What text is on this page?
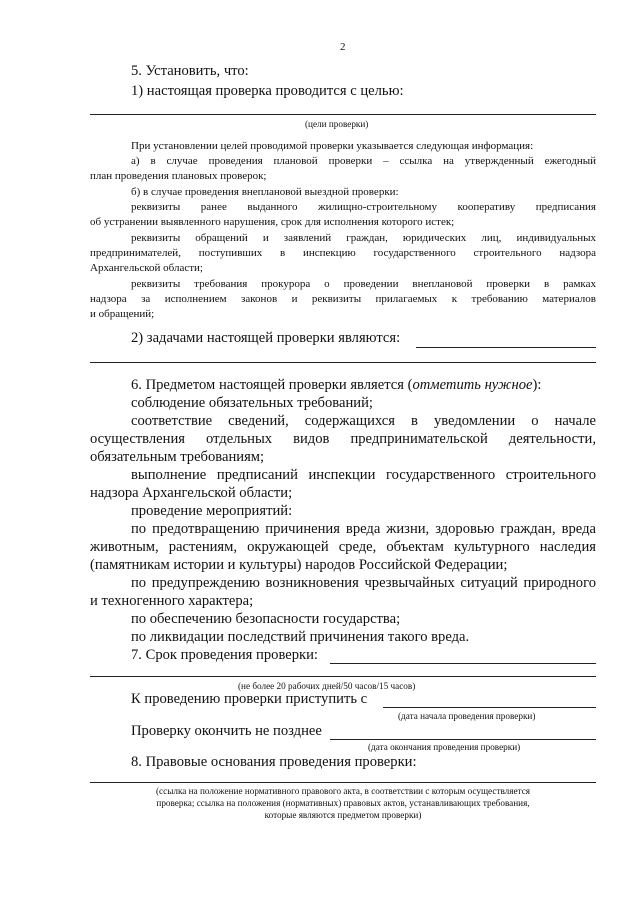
2
5. Установить, что:
1) настоящая проверка проводится с целью:
(цели проверки)
При установлении целей проводимой проверки указывается следующая информация:
а) в случае проведения плановой проверки – ссылка на утвержденный ежегодный
план проведения плановых проверок;
б) в случае проведения внеплановой выездной проверки:
реквизиты ранее выданного жилищно-строительному кооперативу предписания
об устранении выявленного нарушения, срок для исполнения которого истек;
реквизиты обращений и заявлений граждан, юридических лиц, индивидуальных
предпринимателей, поступивших в инспекцию государственного строительного надзора
Архангельской области;
реквизиты требования прокурора о проведении внеплановой проверки в рамках
надзора за исполнением законов и реквизиты прилагаемых к требованию материалов
и обращений;
2) задачами настоящей проверки являются:
6. Предметом настоящей проверки является (отметить нужное):
соблюдение обязательных требований;
соответствие сведений, содержащихся в уведомлении о начале
осуществления отдельных видов предпринимательской деятельности,
обязательным требованиям;
выполнение предписаний инспекции государственного строительного
надзора Архангельской области;
проведение мероприятий:
по предотвращению причинения вреда жизни, здоровью граждан, вреда
животным, растениям, окружающей среде, объектам культурного наследия
(памятникам истории и культуры) народов Российской Федерации;
по предупреждению возникновения чрезвычайных ситуаций природного
и техногенного характера;
по обеспечению безопасности государства;
по ликвидации последствий причинения такого вреда.
7. Срок проведения проверки:
(не более 20 рабочих дней/50 часов/15 часов)
К проведению проверки приступить с
(дата начала проведения проверки)
Проверку окончить не позднее
(дата окончания проведения проверки)
8. Правовые основания проведения проверки:
(ссылка на положение нормативного правового акта, в соответствии с которым осуществляется
проверка; ссылка на положения (нормативных) правовых актов, устанавливающих требования,
которые являются предметом проверки)
